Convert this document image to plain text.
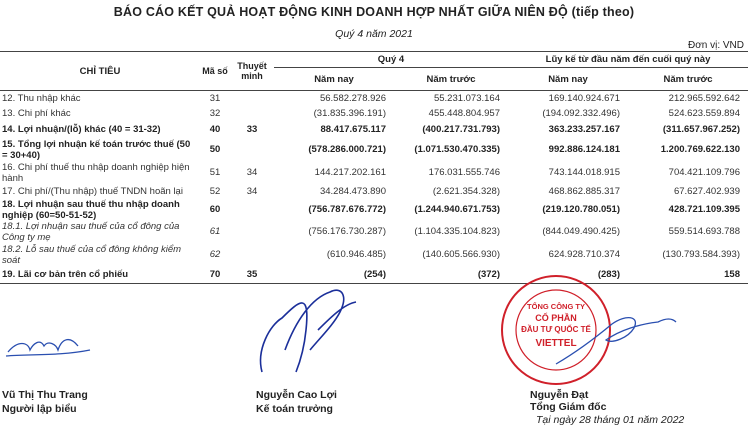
BÁO CÁO KẾT QUẢ HOẠT ĐỘNG KINH DOANH HỢP NHẤT GIỮA NIÊN ĐỘ (tiếp theo)
Quý 4 năm 2021
Đơn vị: VND
CHỈ TIÊU	Mã số	Thuyết minh	Quý 4		Lũy kế từ đầu năm đến cuối quý này	
			Năm nay	Năm trước	Năm nay	Năm trước
12. Thu nhập khác	31		56.582.278.926	55.231.073.164	169.140.924.671	212.965.592.642
13. Chi phí khác	32		(31.835.396.191)	455.448.804.957	(194.092.332.496)	524.623.559.894
14. Lợi nhuận/(lỗ) khác (40 = 31-32)	40	33	88.417.675.117	(400.217.731.793)	363.233.257.167	(311.657.967.252)
15. Tổng lợi nhuận kế toán trước thuế (50 = 30+40)	50		(578.286.000.721)	(1.071.530.470.335)	992.886.124.181	1.200.769.622.130
16. Chi phí thuế thu nhập doanh nghiệp hiện hành	51	34	144.217.202.161	176.031.555.746	743.144.018.915	704.421.109.796
17. Chi phí/(Thu nhập) thuế TNDN hoãn lại	52	34	34.284.473.890	(2.621.354.328)	468.862.885.317	67.627.402.939
18. Lợi nhuận sau thuế thu nhập doanh nghiệp (60=50-51-52)	60		(756.787.676.772)	(1.244.940.671.753)	(219.120.780.051)	428.721.109.395
18.1. Lợi nhuận sau thuế của cổ đông của Công ty mẹ	61		(756.176.730.287)	(1.104.335.104.823)	(844.049.490.425)	559.514.693.788
18.2. Lỗ sau thuế của cổ đông không kiểm soát	62		(610.946.485)	(140.605.566.930)	624.928.710.374	(130.793.584.393)
19. Lãi cơ bản trên cổ phiếu	70	35	(254)	(372)	(283)	158
TỔNG CÔNG TY
CỔ PHẦN
ĐẦU TƯ QUỐC TẾ
VIETTEL
Vũ Thị Thu Trang
Người lập biểu
Nguyễn Cao Lợi
Kế toán trưởng
Nguyễn Đạt
Tổng Giám đốc
Tại ngày 28 tháng 01 năm 2022
